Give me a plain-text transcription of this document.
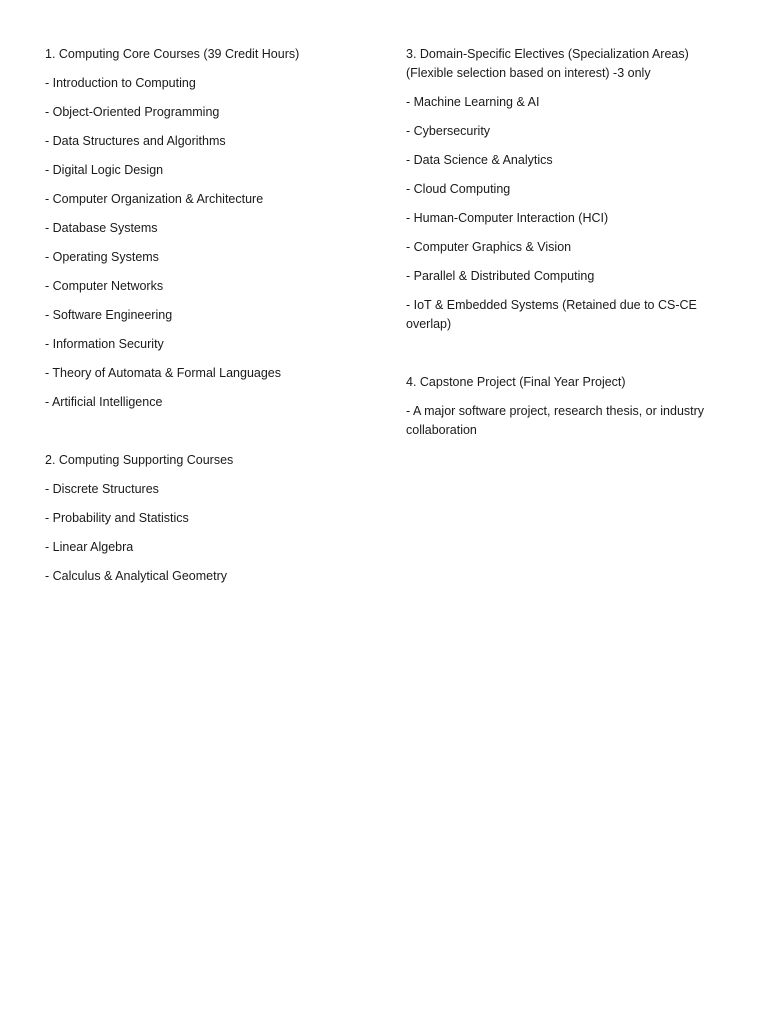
1. Computing Core Courses (39 Credit Hours)

- Introduction to Computing

- Object-Oriented Programming

- Data Structures and Algorithms

- Digital Logic Design

- Computer Organization & Architecture

- Database Systems

- Operating Systems

- Computer Networks

- Software Engineering

- Information Security

- Theory of Automata & Formal Languages

- Artificial Intelligence

2. Computing Supporting Courses

- Discrete Structures

- Probability and Statistics

- Linear Algebra

- Calculus & Analytical Geometry

3. Domain-Specific Electives (Specialization Areas) (Flexible selection based on interest) -3 only

- Machine Learning & AI

- Cybersecurity

- Data Science & Analytics

- Cloud Computing

- Human-Computer Interaction (HCI)

- Computer Graphics & Vision

- Parallel & Distributed Computing

- IoT & Embedded Systems (Retained due to CS-CE overlap)

4. Capstone Project (Final Year Project)

- A major software project, research thesis, or industry collaboration
